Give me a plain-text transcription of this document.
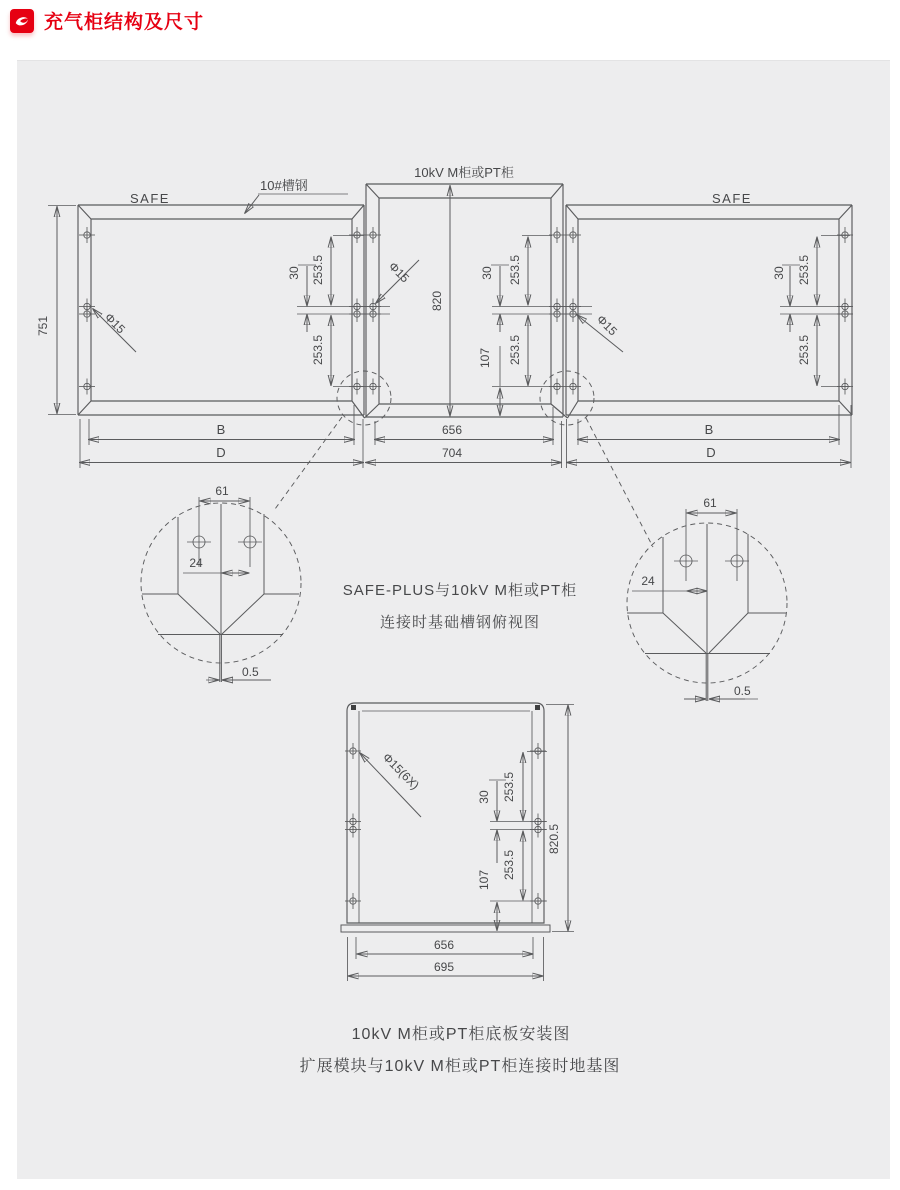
充气柜结构及尺寸
SAFE
10kV M柜或PT柜
SAFE
10#槽钢
751
820
Φ15
Φ15
Φ15
253.5
30
253.5
253.5
30
253.5
107
253.5
30
253.5
B	656	B
D	704	D
61
24
0.5
61
24
0.5
SAFE-PLUS与10kV M柜或PT柜
连接时基础槽钢俯视图
Φ15(6X)	253.5
30
253.5
107
820.5
656
695
10kV M柜或PT柜底板安装图
扩展模块与10kV M柜或PT柜连接时地基图
